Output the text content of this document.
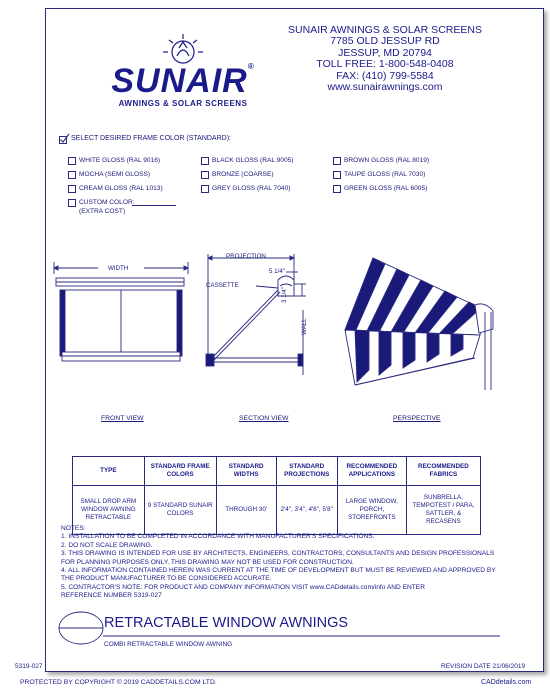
SUNAIR®
AWNINGS & SOLAR SCREENS
SUNAIR AWNINGS & SOLAR SCREENS
7785 OLD JESSUP RD
JESSUP, MD 20794
TOLL FREE: 1-800-548-0408
FAX: (410) 799-5584
www.sunairawnings.com
SELECT DESIRED FRAME COLOR (STANDARD):
WHITE GLOSS (RAL 9016)	BLACK GLOSS (RAL 9005)	BROWN GLOSS (RAL 8019)
MOCHA (SEMI GLOSS)	BRONZE (COARSE)	TAUPE GLOSS (RAL 7030)
CREAM GLOSS (RAL 1013)	GREY GLOSS (RAL 7040)	GREEN GLOSS (RAL 6005)
CUSTOM COLOR:
(EXTRA COST)
WIDTH
FRONT VIEW
PROJECTION
5 1/4"
CASSETTE
3 1/4"
WALL
SECTION VIEW	PERSPECTIVE
TYPE	STANDARD FRAME COLORS	STANDARD WIDTHS	STANDARD PROJECTIONS	RECOMMENDED APPLICATIONS	RECOMMENDED FABRICS
SMALL DROP ARM WINDOW AWNING RETRACTABLE	9 STANDARD SUNAIR COLORS	THROUGH 30'	2'4", 3'4", 4'6", 5'8"	LARGE WINDOW, PORCH, STOREFRONTS	SUNBRELLA, TEMPOTEST / PARA, SATTLER, & RECASENS
NOTES:
1. INSTALLATION TO BE COMPLETED IN ACCORDANCE WITH MANUFACTURER'S SPECIFICATIONS.
2. DO NOT SCALE DRAWING.
3. THIS DRAWING IS INTENDED FOR USE BY ARCHITECTS, ENGINEERS, CONTRACTORS, CONSULTANTS AND DESIGN PROFESSIONALS
FOR PLANNING PURPOSES ONLY. THIS DRAWING MAY NOT BE USED FOR CONSTRUCTION.
4. ALL INFORMATION CONTAINED HEREIN WAS CURRENT AT THE TIME OF DEVELOPMENT BUT MUST BE REVIEWED AND APPROVED BY
THE PRODUCT MANUFACTURER TO BE CONSIDERED ACCURATE.
5. CONTRACTOR'S NOTE: FOR PRODUCT AND COMPANY INFORMATION VISIT www.CADdetails.com/info AND ENTER
REFERENCE NUMBER 5319-027
RETRACTABLE WINDOW AWNINGS
COMBI RETRACTABLE WINDOW AWNING
5319-027	REVISION DATE 21/06/2019
PROTECTED BY COPYRIGHT © 2019 CADDETAILS.COM LTD.	CADdetails.com
